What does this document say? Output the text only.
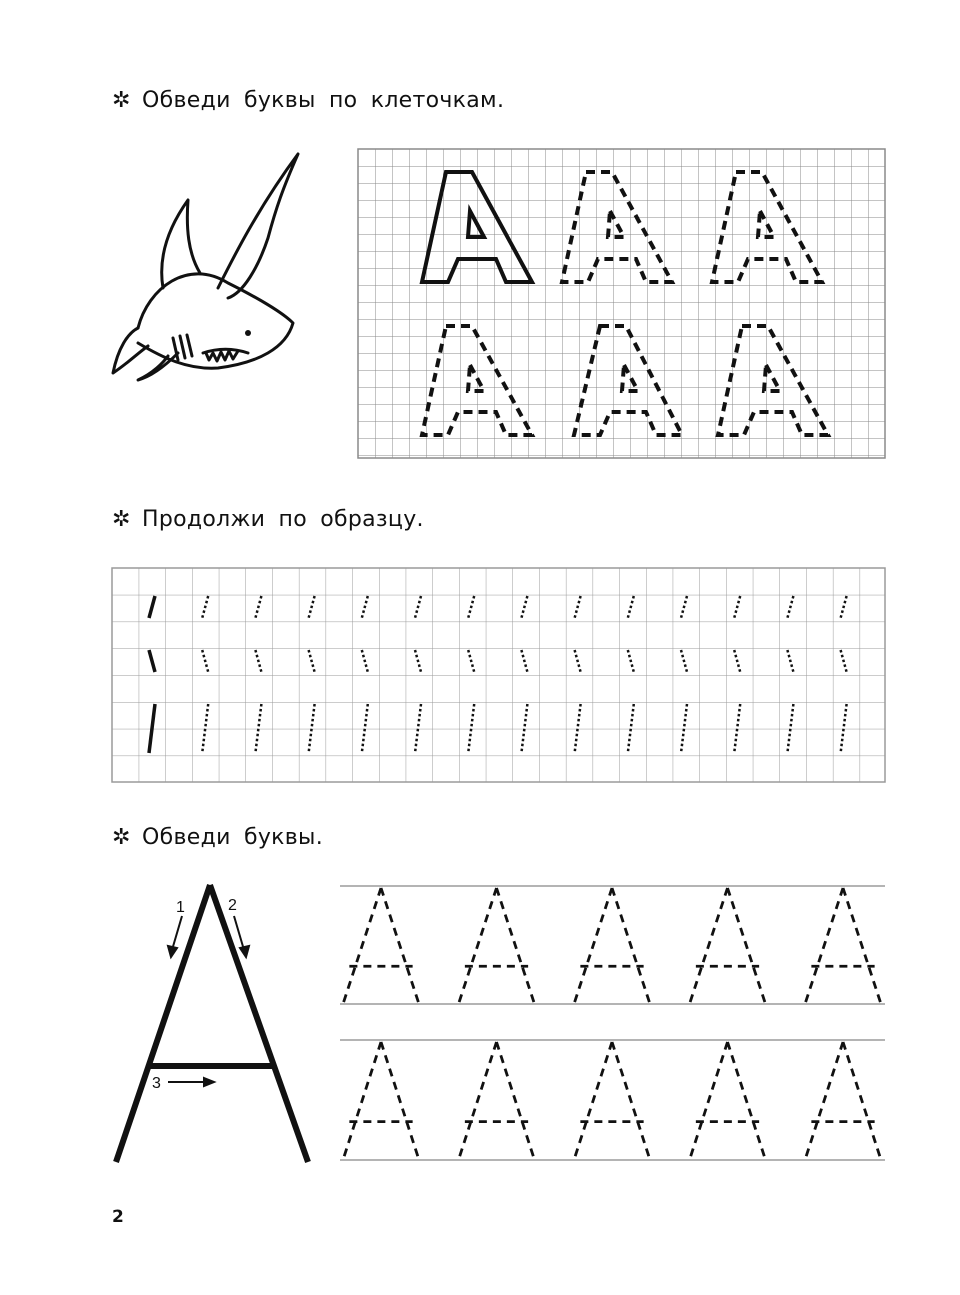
✲ Обведи буквы по клеточкам.
✲ Продолжи по образцу.
✲ Обведи буквы.
1	2
3
2
